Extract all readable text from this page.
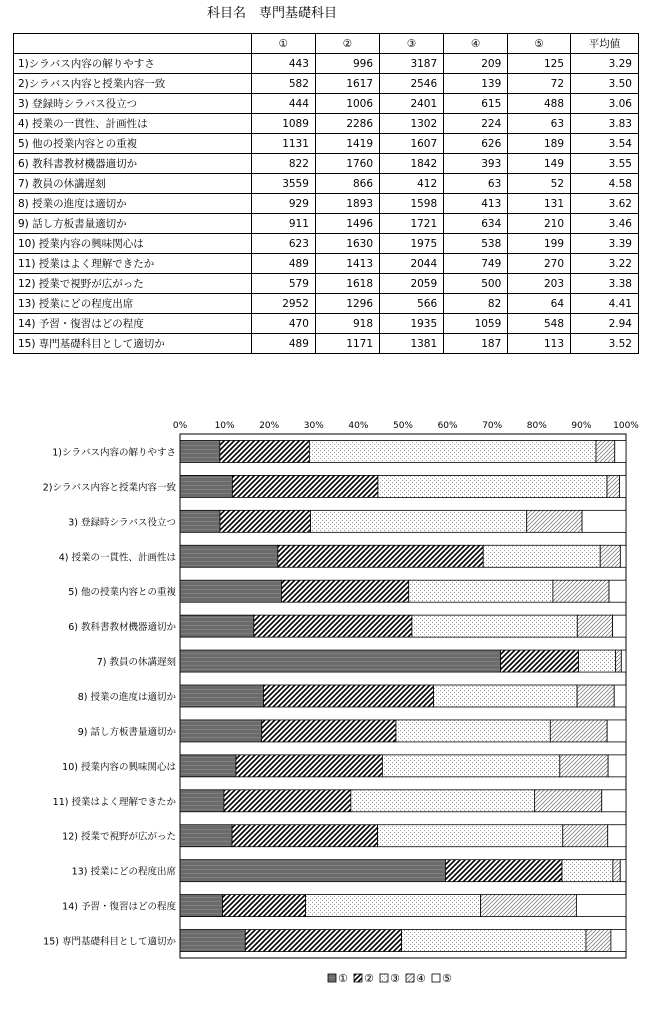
科目名　専門基礎科目
	①	②	③	④	⑤	平均値
1)シラバス内容の解りやすさ	443	996	3187	209	125	3.29
2)シラバス内容と授業内容一致	582	1617	2546	139	72	3.50
3) 登録時シラバス役立つ	444	1006	2401	615	488	3.06
4) 授業の一貫性、計画性は	1089	2286	1302	224	63	3.83
5) 他の授業内容との重複	1131	1419	1607	626	189	3.54
6) 教科書教材機器適切か	822	1760	1842	393	149	3.55
7) 教員の休講遅刻	3559	866	412	63	52	4.58
8) 授業の進度は適切か	929	1893	1598	413	131	3.62
9) 話し方板書量適切か	911	1496	1721	634	210	3.46
10) 授業内容の興味関心は	623	1630	1975	538	199	3.39
11) 授業はよく理解できたか	489	1413	2044	749	270	3.22
12) 授業で視野が広がった	579	1618	2059	500	203	3.38
13) 授業にどの程度出席	2952	1296	566	82	64	4.41
14) 予習・復習はどの程度	470	918	1935	1059	548	2.94
15) 専門基礎科目として適切か	489	1171	1381	187	113	3.52
0%	10%	20%	30%	40%	50%	60%	70%	80%	90% 100%
1)シラバス内容の解りやすさ
2)シラバス内容と授業内容一致
3) 登録時シラバス役立つ
4) 授業の一貫性、計画性は
5) 他の授業内容との重複
6) 教科書教材機器適切か
7) 教員の休講遅刻
8) 授業の進度は適切か
9) 話し方板書量適切か
10) 授業内容の興味関心は
11) 授業はよく理解できたか
12) 授業で視野が広がった
13) 授業にどの程度出席
14) 予習・復習はどの程度
15) 専門基礎科目として適切か
① ② ③ ④ ⑤
